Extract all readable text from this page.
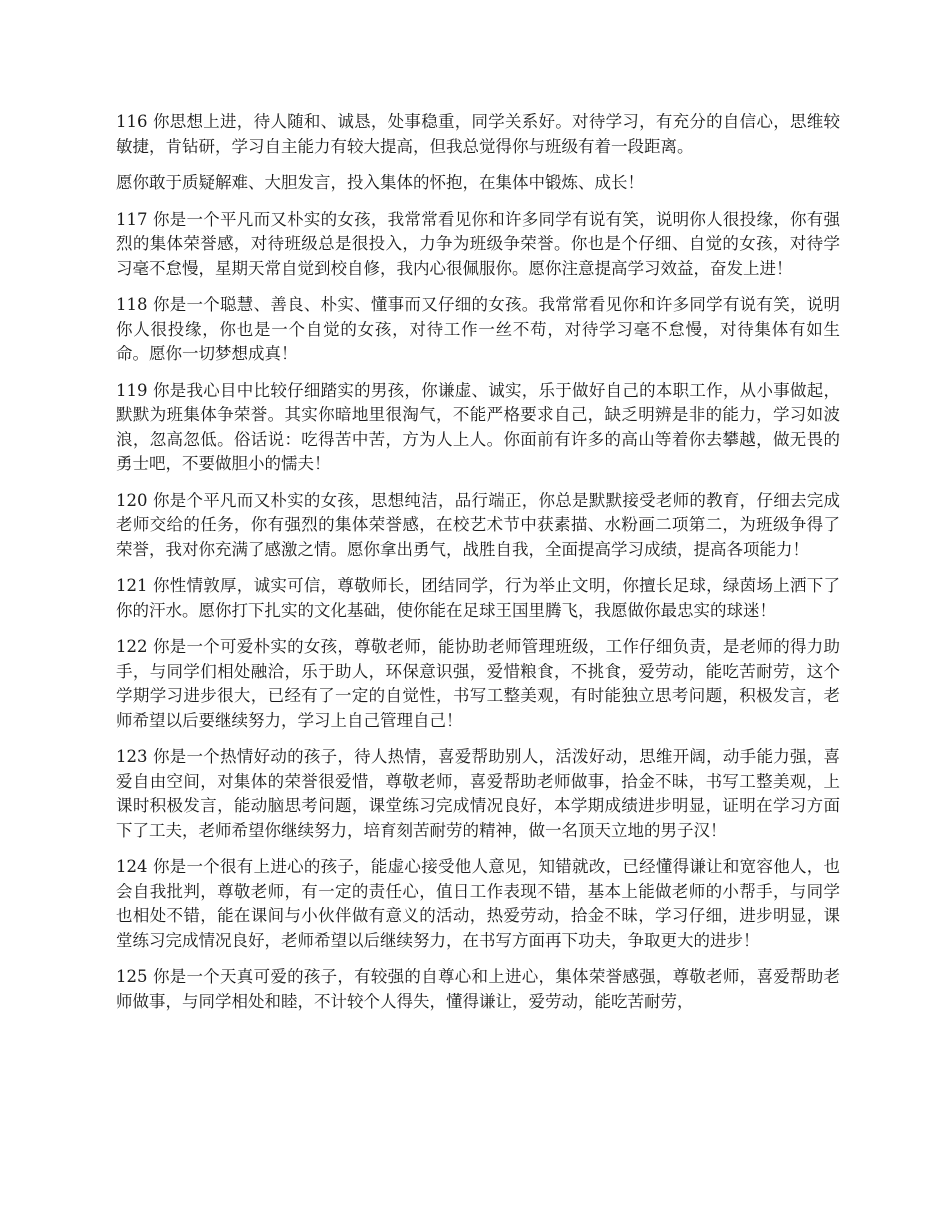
116 你思想上进，待人随和、诚恳，处事稳重，同学关系好。对待学习，有充分的自信心，思维较敏捷，肯钻研，学习自主能力有较大提高，但我总觉得你与班级有着一段距离。

愿你敢于质疑解难、大胆发言，投入集体的怀抱，在集体中锻炼、成长！

117 你是一个平凡而又朴实的女孩，我常常看见你和许多同学有说有笑，说明你人很投缘，你有强烈的集体荣誉感，对待班级总是很投入，力争为班级争荣誉。你也是个仔细、自觉的女孩，对待学习毫不怠慢，星期天常自觉到校自修，我内心很佩服你。愿你注意提高学习效益，奋发上进！

118 你是一个聪慧、善良、朴实、懂事而又仔细的女孩。我常常看见你和许多同学有说有笑，说明你人很投缘，你也是一个自觉的女孩，对待工作一丝不苟，对待学习毫不怠慢，对待集体有如生命。愿你一切梦想成真！

119 你是我心目中比较仔细踏实的男孩，你谦虚、诚实，乐于做好自己的本职工作，从小事做起，默默为班集体争荣誉。其实你暗地里很淘气，不能严格要求自己，缺乏明辨是非的能力，学习如波浪，忽高忽低。俗话说：吃得苦中苦，方为人上人。你面前有许多的高山等着你去攀越，做无畏的勇士吧，不要做胆小的懦夫！

120 你是个平凡而又朴实的女孩，思想纯洁，品行端正，你总是默默接受老师的教育，仔细去完成老师交给的任务，你有强烈的集体荣誉感，在校艺术节中获素描、水粉画二项第二，为班级争得了荣誉，我对你充满了感激之情。愿你拿出勇气，战胜自我，全面提高学习成绩，提高各项能力！

121 你性情敦厚，诚实可信，尊敬师长，团结同学，行为举止文明，你擅长足球，绿茵场上洒下了你的汗水。愿你打下扎实的文化基础，使你能在足球王国里腾飞，我愿做你最忠实的球迷！

122 你是一个可爱朴实的女孩，尊敬老师，能协助老师管理班级，工作仔细负责，是老师的得力助手，与同学们相处融洽，乐于助人，环保意识强，爱惜粮食，不挑食，爱劳动，能吃苦耐劳，这个学期学习进步很大，已经有了一定的自觉性，书写工整美观，有时能独立思考问题，积极发言，老师希望以后要继续努力，学习上自己管理自己！

123 你是一个热情好动的孩子，待人热情，喜爱帮助别人，活泼好动，思维开阔，动手能力强，喜爱自由空间，对集体的荣誉很爱惜，尊敬老师，喜爱帮助老师做事，拾金不昧，书写工整美观，上课时积极发言，能动脑思考问题，课堂练习完成情况良好，本学期成绩进步明显，证明在学习方面下了工夫，老师希望你继续努力，培育刻苦耐劳的精神，做一名顶天立地的男子汉！

124 你是一个很有上进心的孩子，能虚心接受他人意见，知错就改，已经懂得谦让和宽容他人，也会自我批判，尊敬老师，有一定的责任心，值日工作表现不错，基本上能做老师的小帮手，与同学也相处不错，能在课间与小伙伴做有意义的活动，热爱劳动，拾金不昧，学习仔细，进步明显，课堂练习完成情况良好，老师希望以后继续努力，在书写方面再下功夫，争取更大的进步！

125 你是一个天真可爱的孩子，有较强的自尊心和上进心，集体荣誉感强，尊敬老师，喜爱帮助老师做事，与同学相处和睦，不计较个人得失，懂得谦让，爱劳动，能吃苦耐劳，
